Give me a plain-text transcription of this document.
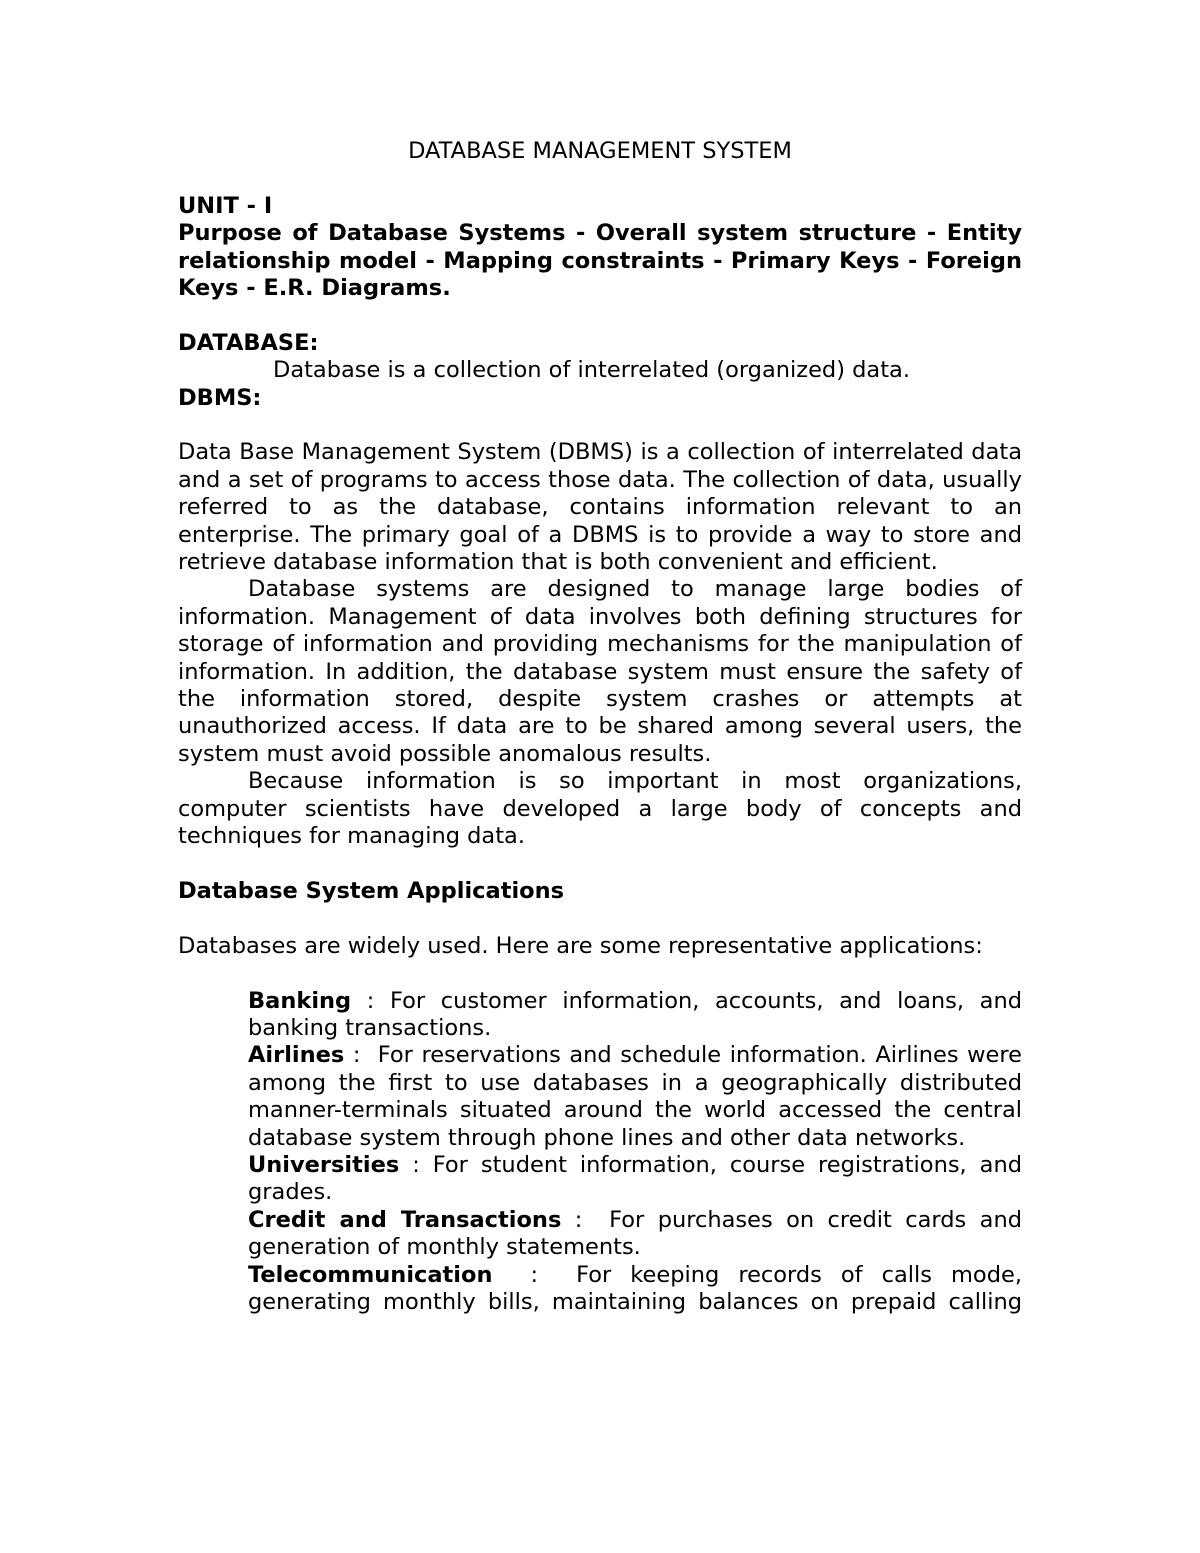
DATABASE MANAGEMENT SYSTEM

UNIT - I

Purpose of Database Systems - Overall system structure - Entity relationship model - Mapping constraints - Primary Keys - Foreign Keys - E.R. Diagrams.

DATABASE:

Database is a collection of interrelated (organized) data.

DBMS:

Data Base Management System (DBMS) is a collection of interrelated data and a set of programs to access those data. The collection of data, usually referred to as the database, contains information relevant to an enterprise. The primary goal of a DBMS is to provide a way to store and retrieve database information that is both convenient and efficient.

Database systems are designed to manage large bodies of information. Management of data involves both defining structures for storage of information and providing mechanisms for the manipulation of information. In addition, the database system must ensure the safety of the information stored, despite system crashes or attempts at unauthorized access. If data are to be shared among several users, the system must avoid possible anomalous results.

Because information is so important in most organizations, computer scientists have developed a large body of concepts and techniques for managing data.

Database System Applications

Databases are widely used. Here are some representative applications:

Banking : For customer information, accounts, and loans, and banking transactions.

Airlines :  For reservations and schedule information. Airlines were among the first to use databases in a geographically distributed manner-terminals situated around the world accessed the central database system through phone lines and other data networks.

Universities : For student information, course registrations, and grades.

Credit and Transactions :  For purchases on credit cards and generation of monthly statements.

Telecommunication  :  For keeping records of calls mode, generating monthly bills, maintaining balances on prepaid calling
